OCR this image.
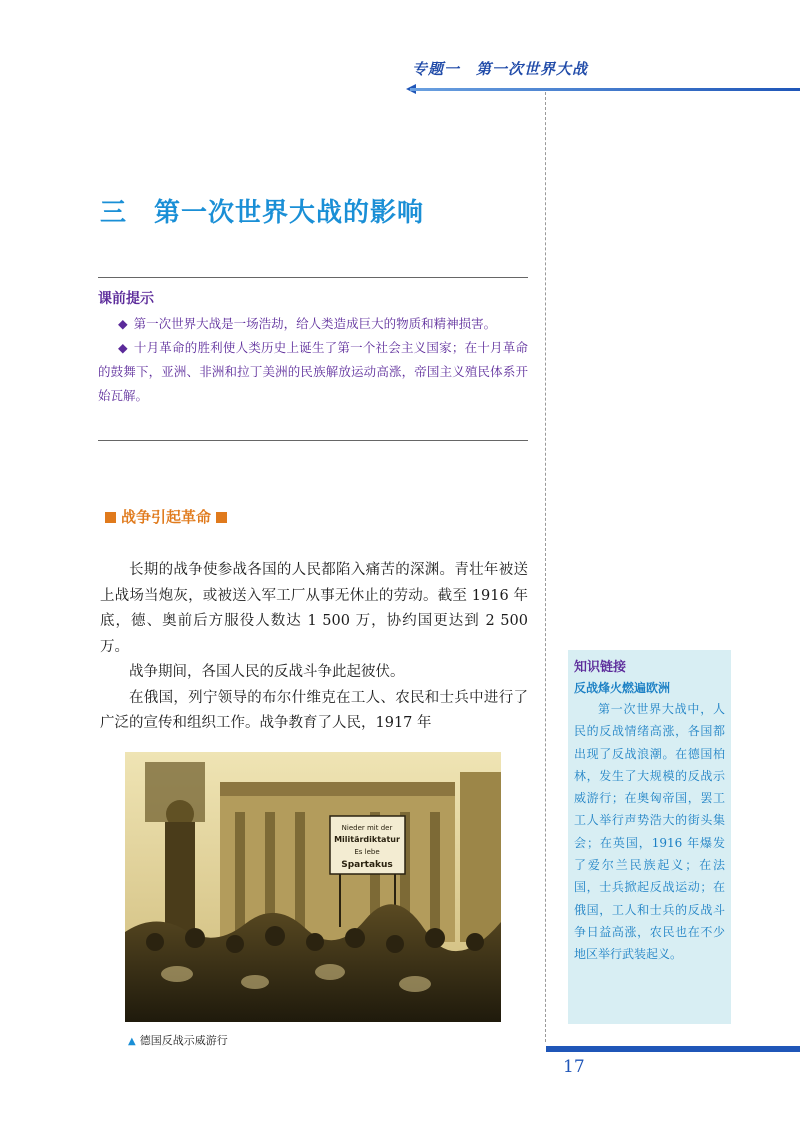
专题一　第一次世界大战
三　第一次世界大战的影响
课前提示
◆ 第一次世界大战是一场浩劫，给人类造成巨大的物质和精神损害。
◆ 十月革命的胜利使人类历史上诞生了第一个社会主义国家；在十月革命的鼓舞下，亚洲、非洲和拉丁美洲的民族解放运动高涨，帝国主义殖民体系开始瓦解。
战争引起革命

长期的战争使参战各国的人民都陷入痛苦的深渊。青壮年被送上战场当炮灰，或被送入军工厂从事无休止的劳动。截至 1916 年底，德、奥前后方服役人数达 1 500 万，协约国更达到 2 500 万。

战争期间，各国人民的反战斗争此起彼伏。

在俄国，列宁领导的布尔什维克在工人、农民和士兵中进行了广泛的宣传和组织工作。战争教育了人民，1917 年

Nieder mit der
Militärdiktatur
Es lebe
Spartakus
▲ 德国反战示威游行
知识链接
反战烽火燃遍欧洲
第一次世界大战中，人民的反战情绪高涨，各国都出现了反战浪潮。在德国柏林，发生了大规模的反战示威游行；在奥匈帝国，罢工工人举行声势浩大的街头集会；在英国，1916 年爆发了爱尔兰民族起义；在法国，士兵掀起反战运动；在俄国，工人和士兵的反战斗争日益高涨，农民也在不少地区举行武装起义。
17
